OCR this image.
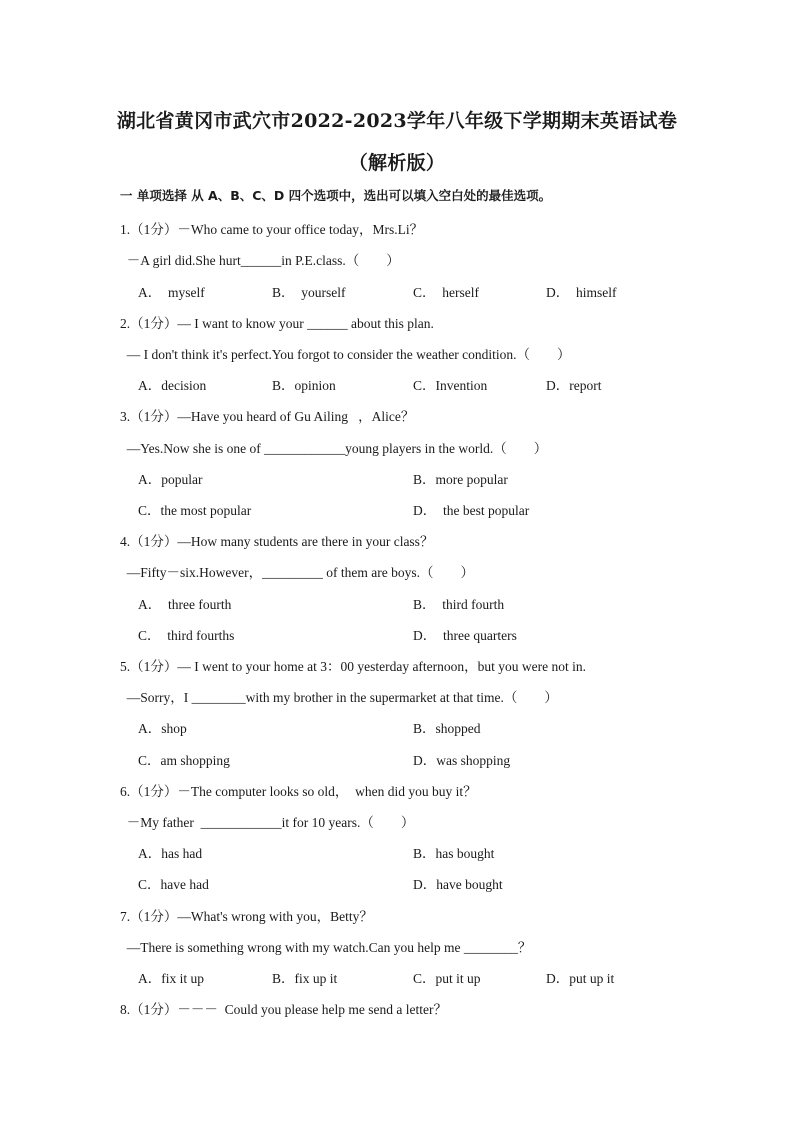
湖北省黄冈市武穴市2022-2023学年八年级下学期期末英语试卷
（解析版）
一 单项选择 从 A、B、C、D 四个选项中，选出可以填入空白处的最佳选项。
1.（1分）－Who came to your office today，Mrs.Li？
－A girl did.She hurt______in P.E.class.（        ）
A．  myself	B．  yourself	C．  herself	D．  himself
2.（1分）— I want to know your ______ about this plan.
— I don't think it's perfect.You forgot to consider the weather condition.（        ）
A．decision	B．opinion	C．Invention	D．report
3.（1分）—Have you heard of Gu Ailing   ，Alice？
—Yes.Now she is one of ____________young players in the world.（        ）
A．popular	B．more popular
C．the most popular	D．  the best popular
4.（1分）—How many students are there in your class？
—Fifty－six.However，_________ of them are boys.（        ）
A．  three fourth	B．  third fourth
C．  third fourths	D．  three quarters
5.（1分）— I went to your home at 3：00 yesterday afternoon，but you were not in.
—Sorry，I ________with my brother in the supermarket at that time.（        ）
A．shop	B．shopped
C．am shopping	D．was shopping
6.（1分）－The computer looks so old，  when did you buy it？
－My father  ____________it for 10 years.（        ）
A．has had	B．has bought
C．have had	D．have bought
7.（1分）—What's wrong with you，Betty？
—There is something wrong with my watch.Can you help me ________？
A．fix it up	B．fix up it	C．put it up	D．put up it
8.（1分）－－－  Could you please help me send a letter？
